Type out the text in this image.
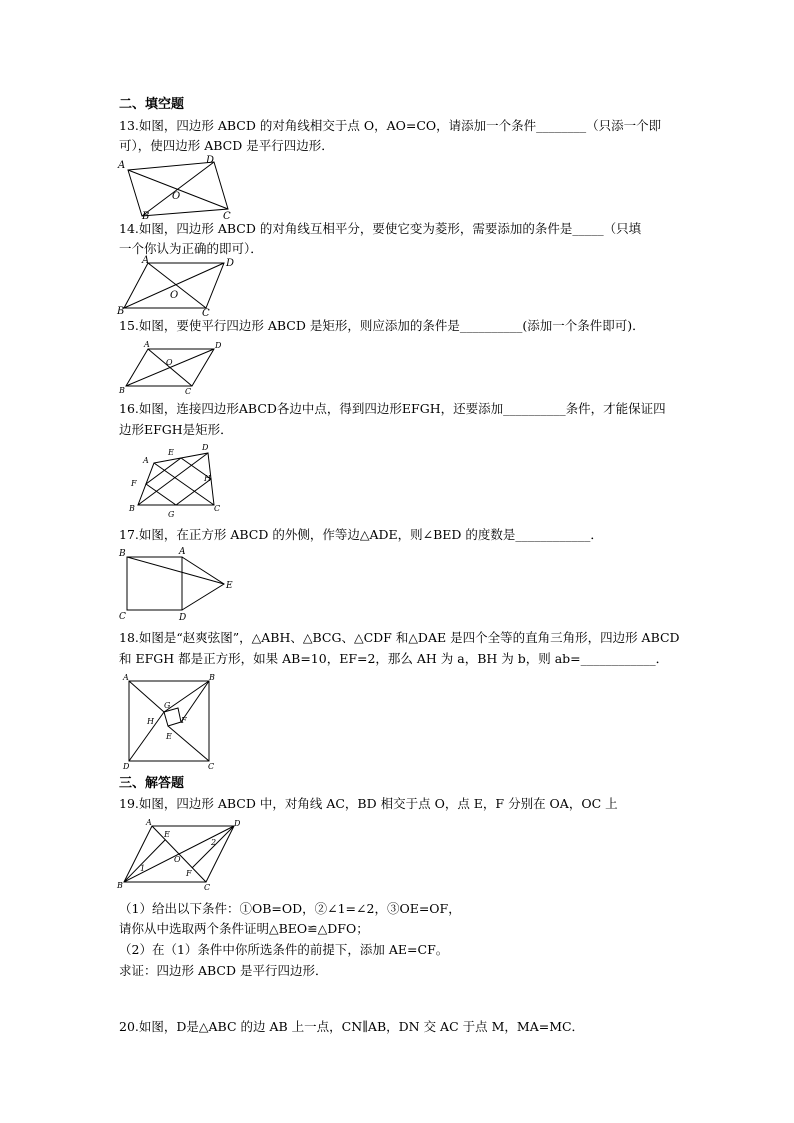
二、填空题
13.如图，四边形 ABCD 的对角线相交于点 O，AO=CO，请添加一个条件________（只添一个即
可），使四边形 ABCD 是平行四边形．
A	D
O
B	C
14.如图，四边形 ABCD 的对角线互相平分，要使它变为菱形，需要添加的条件是_____（只填
一个你认为正确的即可）．
A	D
O
B	C
15.如图，要使平行四边形 ABCD 是矩形，则应添加的条件是__________(添加一个条件即可)．
A	D
O
B	C
16.如图，连接四边形ABCD各边中点，得到四边形EFGH，还要添加__________条件，才能保证四
边形EFGH是矩形．
A
E
D
F
H
B
G
C
17.如图，在正方形 ABCD 的外侧，作等边△ADE，则∠BED 的度数是____________．
B	A
E
C	D
18.如图是“赵爽弦图”，△ABH、△BCG、△CDF 和△DAE 是四个全等的直角三角形，四边形 ABCD
和 EFGH 都是正方形，如果 AB=10，EF=2，那么 AH 为 a，BH 为 b，则 ab=____________．
A	B
G
H	F
E
D	C
三、解答题
19.如图，四边形 ABCD 中，对角线 AC，BD 相交于点 O，点 E，F 分别在 OA，OC 上
A
E
D
2
1
O
F
B	C
（1）给出以下条件：①OB=OD，②∠1=∠2，③OE=OF，
请你从中选取两个条件证明△BEO≌△DFO；
（2）在（1）条件中你所选条件的前提下，添加 AE=CF。
求证：四边形 ABCD 是平行四边形．
20.如图，D是△ABC 的边 AB 上一点，CN∥AB，DN 交 AC 于点 M，MA=MC．
